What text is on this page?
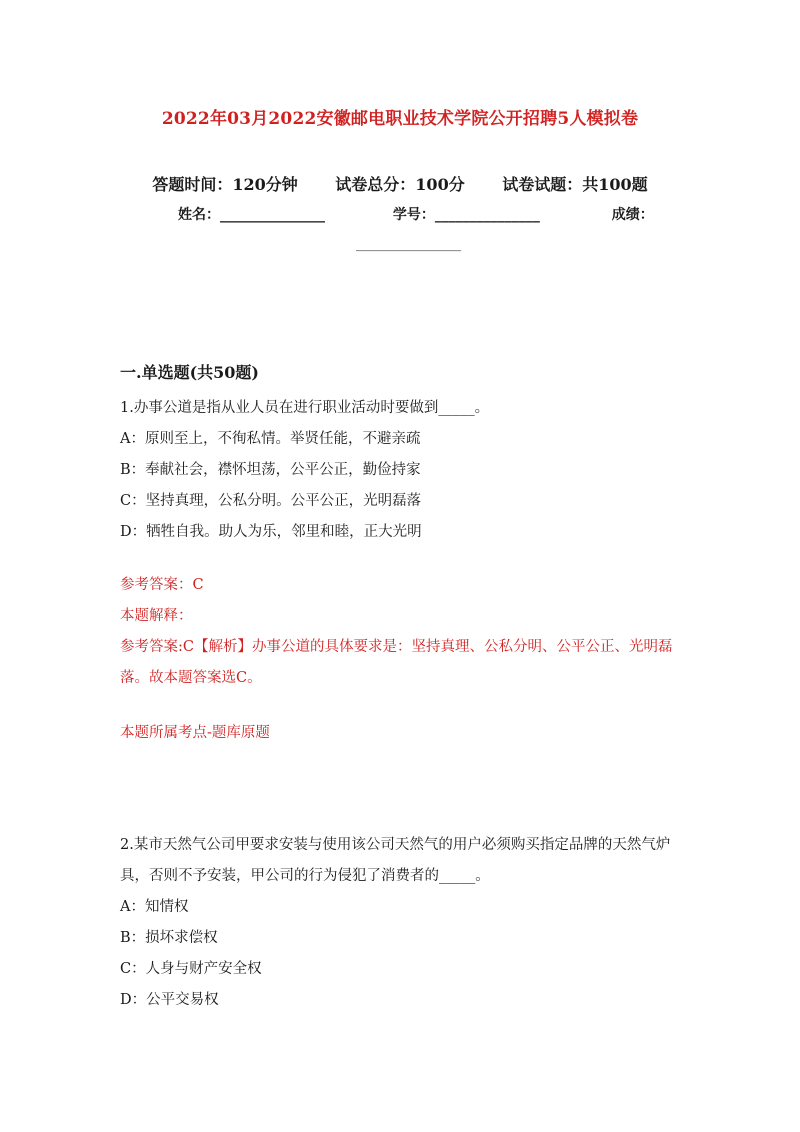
2022年03月2022安徽邮电职业技术学院公开招聘5人模拟卷
答题时间：120分钟 试卷总分：100分 试卷试题：共100题
姓名：_______________	学号：_______________	成绩：
_______________
一.单选题(共50题)

1.办事公道是指从业人员在进行职业活动时要做到_____。

A：原则至上，不徇私情。举贤任能，不避亲疏

B：奉献社会，襟怀坦荡，公平公正，勤俭持家

C：坚持真理，公私分明。公平公正，光明磊落

D：牺牲自我。助人为乐，邻里和睦，正大光明

参考答案：C

本题解释：

参考答案:C【解析】办事公道的具体要求是：坚持真理、公私分明、公平公正、光明磊落。故本题答案选C。

本题所属考点-题库原题

2.某市天然气公司甲要求安装与使用该公司天然气的用户必须购买指定品牌的天然气炉具，否则不予安装，甲公司的行为侵犯了消费者的_____。

A：知情权

B：损坏求偿权

C：人身与财产安全权

D：公平交易权
